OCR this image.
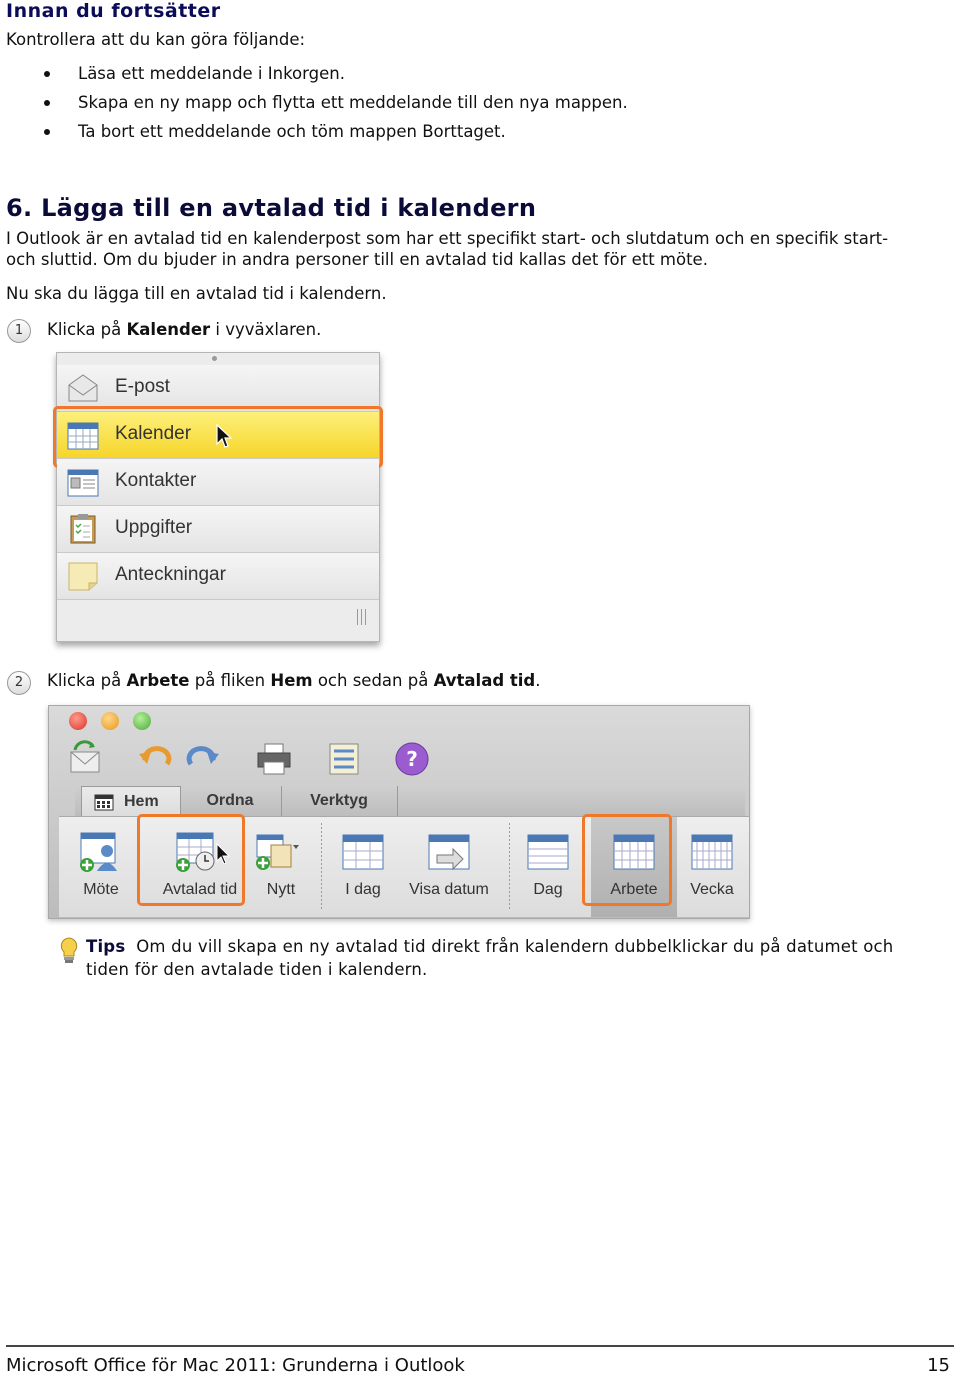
Innan du fortsätter
Kontrollera att du kan göra följande:
Läsa ett meddelande i Inkorgen.
Skapa en ny mapp och flytta ett meddelande till den nya mappen.
Ta bort ett meddelande och töm mappen Borttaget.
6. Lägga till en avtalad tid i kalendern
I Outlook är en avtalad tid en kalenderpost som har ett specifikt start- och slutdatum och en specifik start-
och sluttid. Om du bjuder in andra personer till en avtalad tid kallas det för ett möte.
Nu ska du lägga till en avtalad tid i kalendern.
1	Klicka på Kalender i vyväxlaren.
E-post
Kalender
Kontakter
Uppgifter
Anteckningar
2	Klicka på Arbete på fliken Hem och sedan på Avtalad tid.
?
Hem	Ordna	Verktyg
Möte	Avtalad tid	Nytt	I dag	Visa datum	Dag	Arbete	Vecka
Tips Om du vill skapa en ny avtalad tid direkt från kalendern dubbelklickar du på datumet och
tiden för den avtalade tiden i kalendern.
Microsoft Office för Mac 2011: Grunderna i Outlook	15
